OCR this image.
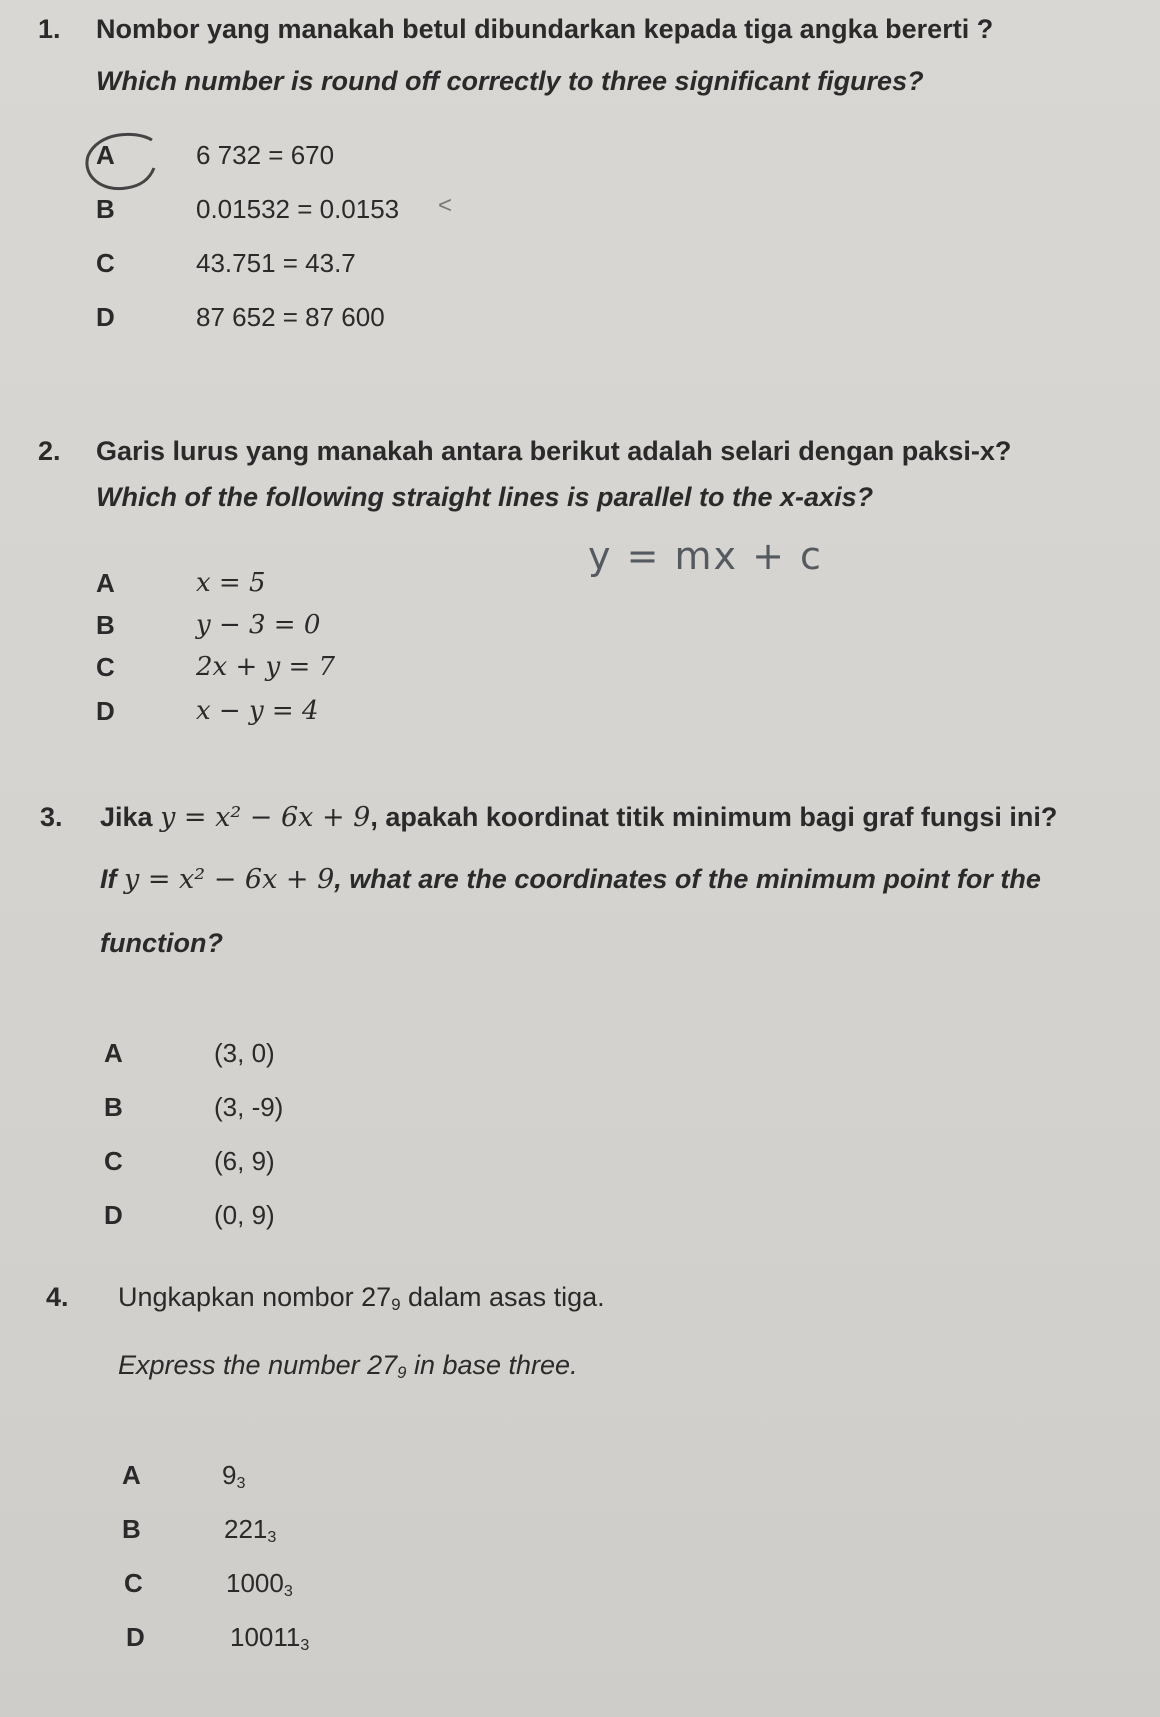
1. Nombor yang manakah betul dibundarkan kepada tiga angka bererti ?
Which number is round off correctly to three significant figures?
A	6 732 = 670
B	0.01532 = 0.0153 <
C	43.751 = 43.7
D	87 652 = 87 600
2. Garis lurus yang manakah antara berikut adalah selari dengan paksi-x?
Which of the following straight lines is parallel to the x-axis?
y = mx + c
A	x = 5
B	y − 3 = 0
C	2x + y = 7
D	x − y = 4
3. Jika y = x² − 6x + 9, apakah koordinat titik minimum bagi graf fungsi ini?
If y = x² − 6x + 9, what are the coordinates of the minimum point for the
function?
A	(3, 0)
B	(3, -9)
C	(6, 9)
D	(0, 9)
4. Ungkapkan nombor $27_9$ dalam asas tiga.
Express the number $27_9$ in base three.
A	$9_3$
B	$221_3$
C	$1000_3$
D	$10011_3$
